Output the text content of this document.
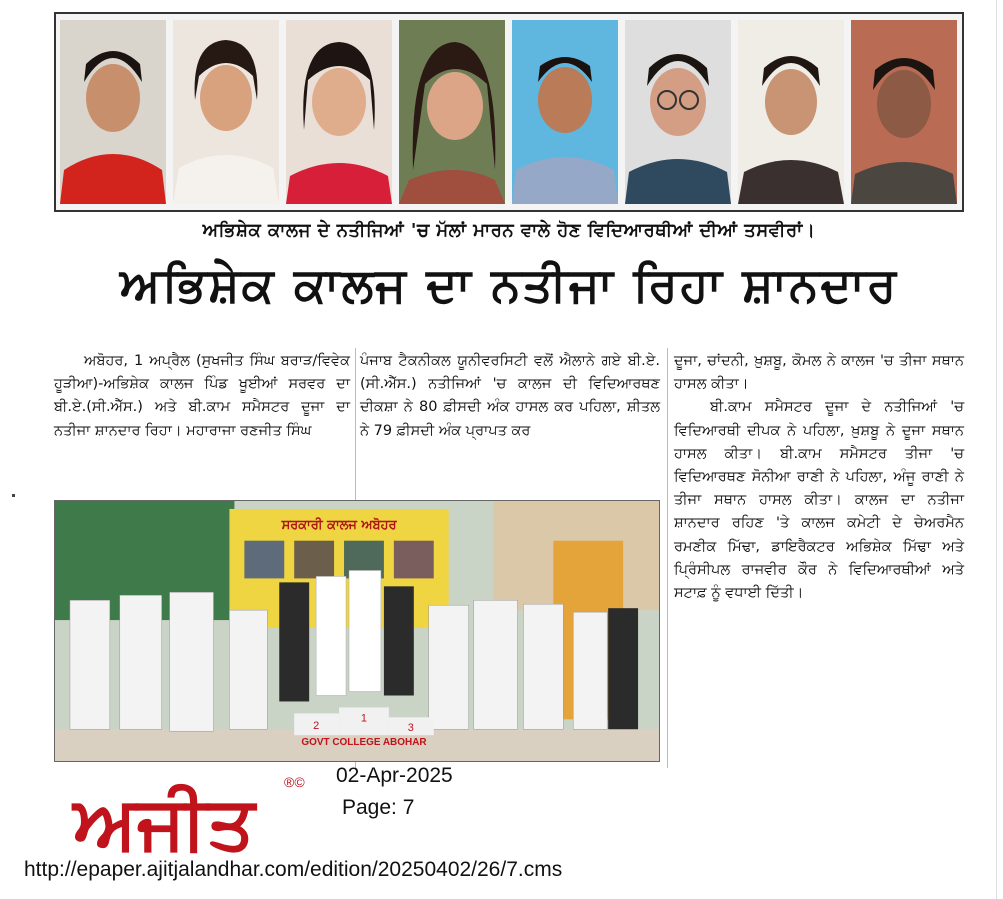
ਅਭਿਸ਼ੇਕ ਕਾਲਜ ਦੇ ਨਤੀਜਿਆਂ 'ਚ ਮੱਲਾਂ ਮਾਰਨ ਵਾਲੇ ਹੋਣ ਵਿਦਿਆਰਥੀਆਂ ਦੀਆਂ ਤਸਵੀਰਾਂ।
ਅਭਿਸ਼ੇਕ ਕਾਲਜ ਦਾ ਨਤੀਜਾ ਰਿਹਾ ਸ਼ਾਨਦਾਰ

ਅਬੋਹਰ, 1 ਅਪ੍ਰੈਲ (ਸੁਖਜੀਤ ਸਿੰਘ ਬਰਾੜ/ਵਿਵੇਕ ਹੂੜੀਆ)-ਅਭਿਸ਼ੇਕ ਕਾਲਜ ਪਿੰਡ ਖੂਈਆਂ ਸਰਵਰ ਦਾ ਬੀ.ਏ.(ਸੀ.ਐੱਸ.) ਅਤੇ ਬੀ.ਕਾਮ ਸਮੈਸਟਰ ਦੂਜਾ ਦਾ ਨਤੀਜਾ ਸ਼ਾਨਦਾਰ ਰਿਹਾ। ਮਹਾਰਾਜਾ ਰਣਜੀਤ ਸਿੰਘ

ਪੰਜਾਬ ਟੈਕਨੀਕਲ ਯੂਨੀਵਰਸਿਟੀ ਵਲੋਂ ਐਲਾਨੇ ਗਏ ਬੀ.ਏ. (ਸੀ.ਐੱਸ.) ਨਤੀਜਿਆਂ 'ਚ ਕਾਲਜ ਦੀ ਵਿਦਿਆਰਥਣ ਦੀਕਸ਼ਾ ਨੇ 80 ਫ਼ੀਸਦੀ ਅੰਕ ਹਾਸਲ ਕਰ ਪਹਿਲਾ, ਸ਼ੀਤਲ ਨੇ 79 ਫ਼ੀਸਦੀ ਅੰਕ ਪ੍ਰਾਪਤ ਕਰ

ਦੂਜਾ, ਚਾਂਦਨੀ, ਖ਼ੁਸ਼ਬੂ, ਕੋਮਲ ਨੇ ਕਾਲਜ 'ਚ ਤੀਜਾ ਸਥਾਨ ਹਾਸਲ ਕੀਤਾ।

ਬੀ.ਕਾਮ ਸਮੈਸਟਰ ਦੂਜਾ ਦੇ ਨਤੀਜਿਆਂ 'ਚ ਵਿਦਿਆਰਥੀ ਦੀਪਕ ਨੇ ਪਹਿਲਾ, ਖ਼ੁਸ਼ਬੂ ਨੇ ਦੂਜਾ ਸਥਾਨ ਹਾਸਲ ਕੀਤਾ। ਬੀ.ਕਾਮ ਸਮੈਸਟਰ ਤੀਜਾ 'ਚ ਵਿਦਿਆਰਥਣ ਸੋਨੀਆ ਰਾਣੀ ਨੇ ਪਹਿਲਾ, ਅੰਜੂ ਰਾਣੀ ਨੇ ਤੀਜਾ ਸਥਾਨ ਹਾਸਲ ਕੀਤਾ। ਕਾਲਜ ਦਾ ਨਤੀਜਾ ਸ਼ਾਨਦਾਰ ਰਹਿਣ 'ਤੇ ਕਾਲਜ ਕਮੇਟੀ ਦੇ ਚੇਅਰਮੈਨ ਰਮਣੀਕ ਮਿੱਢਾ, ਡਾਇਰੈਕਟਰ ਅਭਿਸ਼ੇਕ ਮਿੱਢਾ ਅਤੇ ਪ੍ਰਿੰਸੀਪਲ ਰਾਜਵੀਰ ਕੌਰ ਨੇ ਵਿਦਿਆਰਥੀਆਂ ਅਤੇ ਸਟਾਫ਼ ਨੂੰ ਵਧਾਈ ਦਿੱਤੀ।

ਸਰਕਾਰੀ ਕਾਲਜ ਅਬੋਹਰ
2
1
3
GOVT COLLEGE ABOHAR
ਅਜੀਤ ®© 02-Apr-2025
Page: 7
http://epaper.ajitjalandhar.com/edition/20250402/26/7.cms
